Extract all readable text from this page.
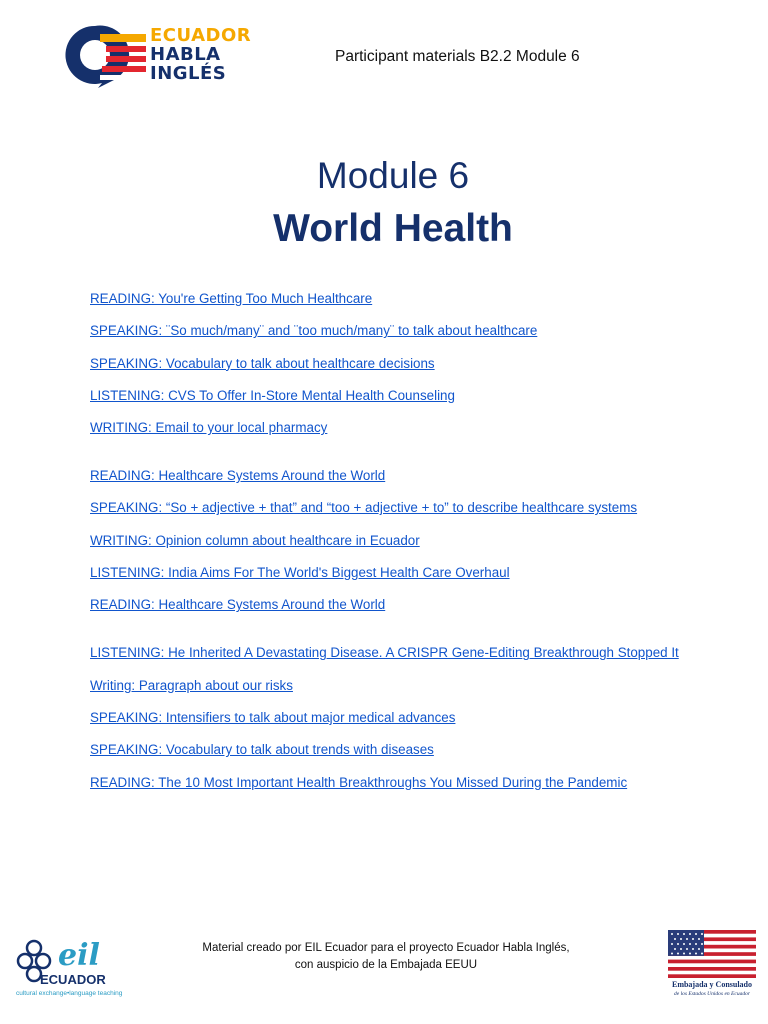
ECUADOR
HABLA
INGLÉS
Participant materials B2.2 Module 6
Module 6
World Health
READING: You're Getting Too Much Healthcare
SPEAKING: ¨So much/many¨ and ¨too much/many¨ to talk about healthcare
SPEAKING: Vocabulary to talk about healthcare decisions
LISTENING: CVS To Offer In-Store Mental Health Counseling
WRITING: Email to your local pharmacy
READING: Healthcare Systems Around the World
SPEAKING: “So + adjective + that” and “too + adjective + to” to describe healthcare systems
WRITING: Opinion column about healthcare in Ecuador
LISTENING: India Aims For The World's Biggest Health Care Overhaul
READING: Healthcare Systems Around the World
LISTENING: He Inherited A Devastating Disease. A CRISPR Gene-Editing Breakthrough Stopped It
Writing: Paragraph about our risks
SPEAKING: Intensifiers to talk about major medical advances
SPEAKING: Vocabulary to talk about trends with diseases
READING: The 10 Most Important Health Breakthroughs You Missed During the Pandemic
eil
ECUADOR
cultural exchange•language teaching
Material creado por EIL Ecuador para el proyecto Ecuador Habla Inglés,
con auspicio de la Embajada EEUU
Embajada y Consulado
de los Estados Unidos en Ecuador
